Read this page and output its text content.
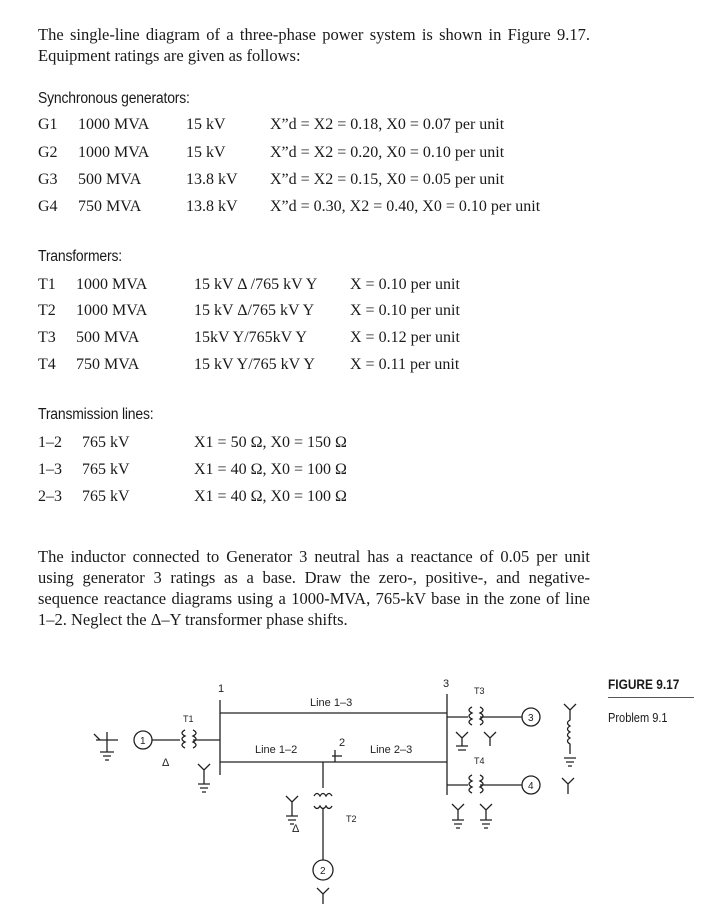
The single-line diagram of a three-phase power system is shown in Figure 9.17. Equipment ratings are given as follows:
Synchronous generators:
G1 1000 MVA 15 kV	X”d = X2 = 0.18, X0 = 0.07 per unit
G2 1000 MVA 15 kV	X”d = X2 = 0.20, X0 = 0.10 per unit
G3 500 MVA	13.8 kV X”d = X2 = 0.15, X0 = 0.05 per unit
G4 750 MVA	13.8 kV X”d = 0.30, X2 = 0.40, X0 = 0.10 per unit
Transformers:
T1 1000 MVA	15 kV Δ /765 kV Y X = 0.10 per unit
T2 1000 MVA	15 kV Δ/765 kV Y X = 0.10 per unit
T3 500 MVA	15kV Y/765kV Y	X = 0.12 per unit
T4 750 MVA	15 kV Y/765 kV Y X = 0.11 per unit
Transmission lines:
1–2 765 kV	X1 = 50 Ω, X0 = 150 Ω
1–3 765 kV	X1 = 40 Ω, X0 = 100 Ω
2–3 765 kV	X1 = 40 Ω, X0 = 100 Ω
The inductor connected to Generator 3 neutral has a reactance of 0.05 per unit using generator 3 ratings as a base. Draw the zero-, positive-, and negative-sequence reactance diagrams using a 1000-MVA, 765-kV base in the zone of line 1–2. Neglect the Δ–Y transformer phase shifts.
FIGURE 9.17
Problem 9.1
1	3
Line 1–3
Line 1–2	Line 2–3
2
1
T1
Δ
T2
Δ
2
T3
3
T4
4
